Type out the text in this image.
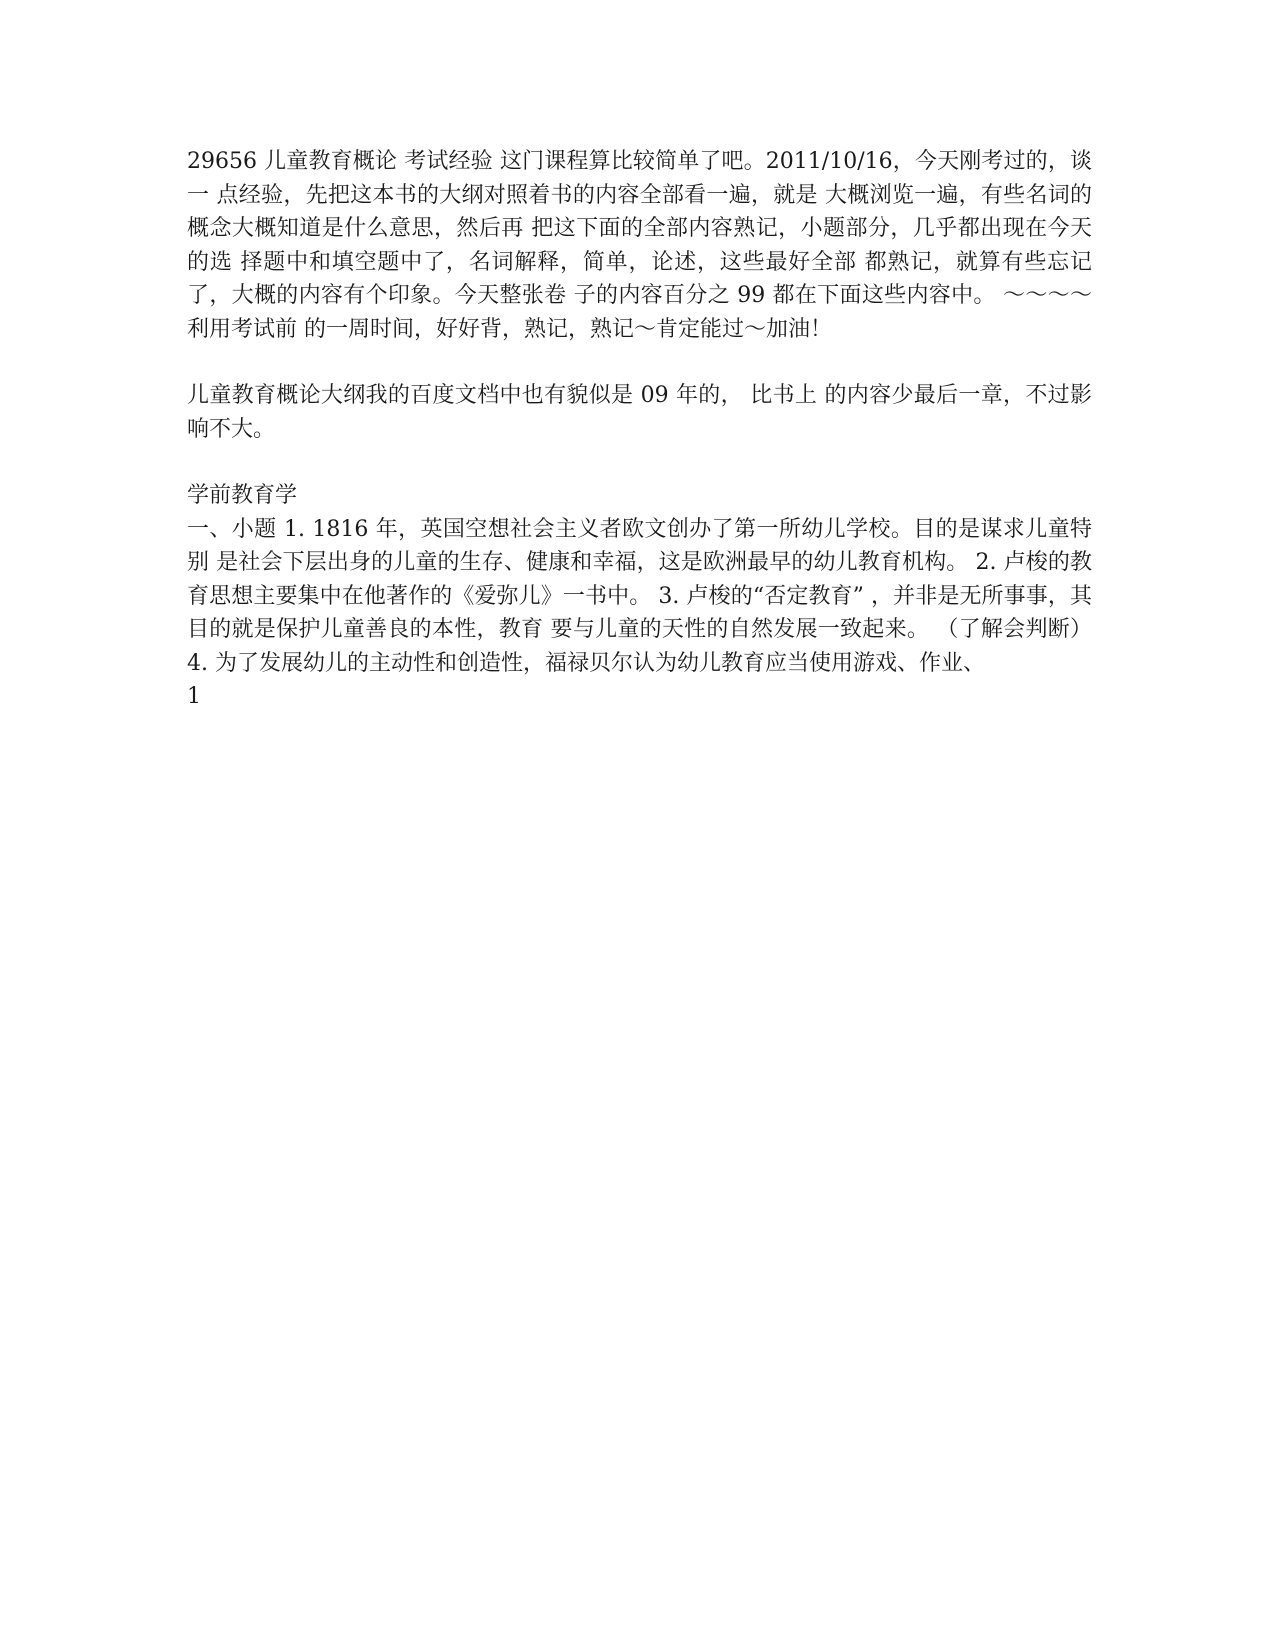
29656 儿童教育概论 考试经验 这门课程算比较简单了吧。2011/10/16，今天刚考过的，谈一 点经验，先把这本书的大纲对照着书的内容全部看一遍，就是 大概浏览一遍，有些名词的概念大概知道是什么意思，然后再 把这下面的全部内容熟记，小题部分，几乎都出现在今天的选 择题中和填空题中了，名词解释，简单，论述，这些最好全部 都熟记，就算有些忘记了，大概的内容有个印象。今天整张卷 子的内容百分之 99 都在下面这些内容中。 ～～～～利用考试前 的一周时间，好好背，熟记，熟记～肯定能过～加油！

儿童教育概论大纲我的百度文档中也有貌似是 09 年的， 比书上 的内容少最后一章，不过影响不大。

学前教育学

一、小题 1. 1816 年，英国空想社会主义者欧文创办了第一所幼儿学校。目的是谋求儿童特别 是社会下层出身的儿童的生存、健康和幸福，这是欧洲最早的幼儿教育机构。 2. 卢梭的教育思想主要集中在他著作的《爱弥儿》一书中。 3. 卢梭的“否定教育” ，并非是无所事事，其目的就是保护儿童善良的本性，教育 要与儿童的天性的自然发展一致起来。 （了解会判断） 4. 为了发展幼儿的主动性和创造性，福禄贝尔认为幼儿教育应当使用游戏、作业、

1
